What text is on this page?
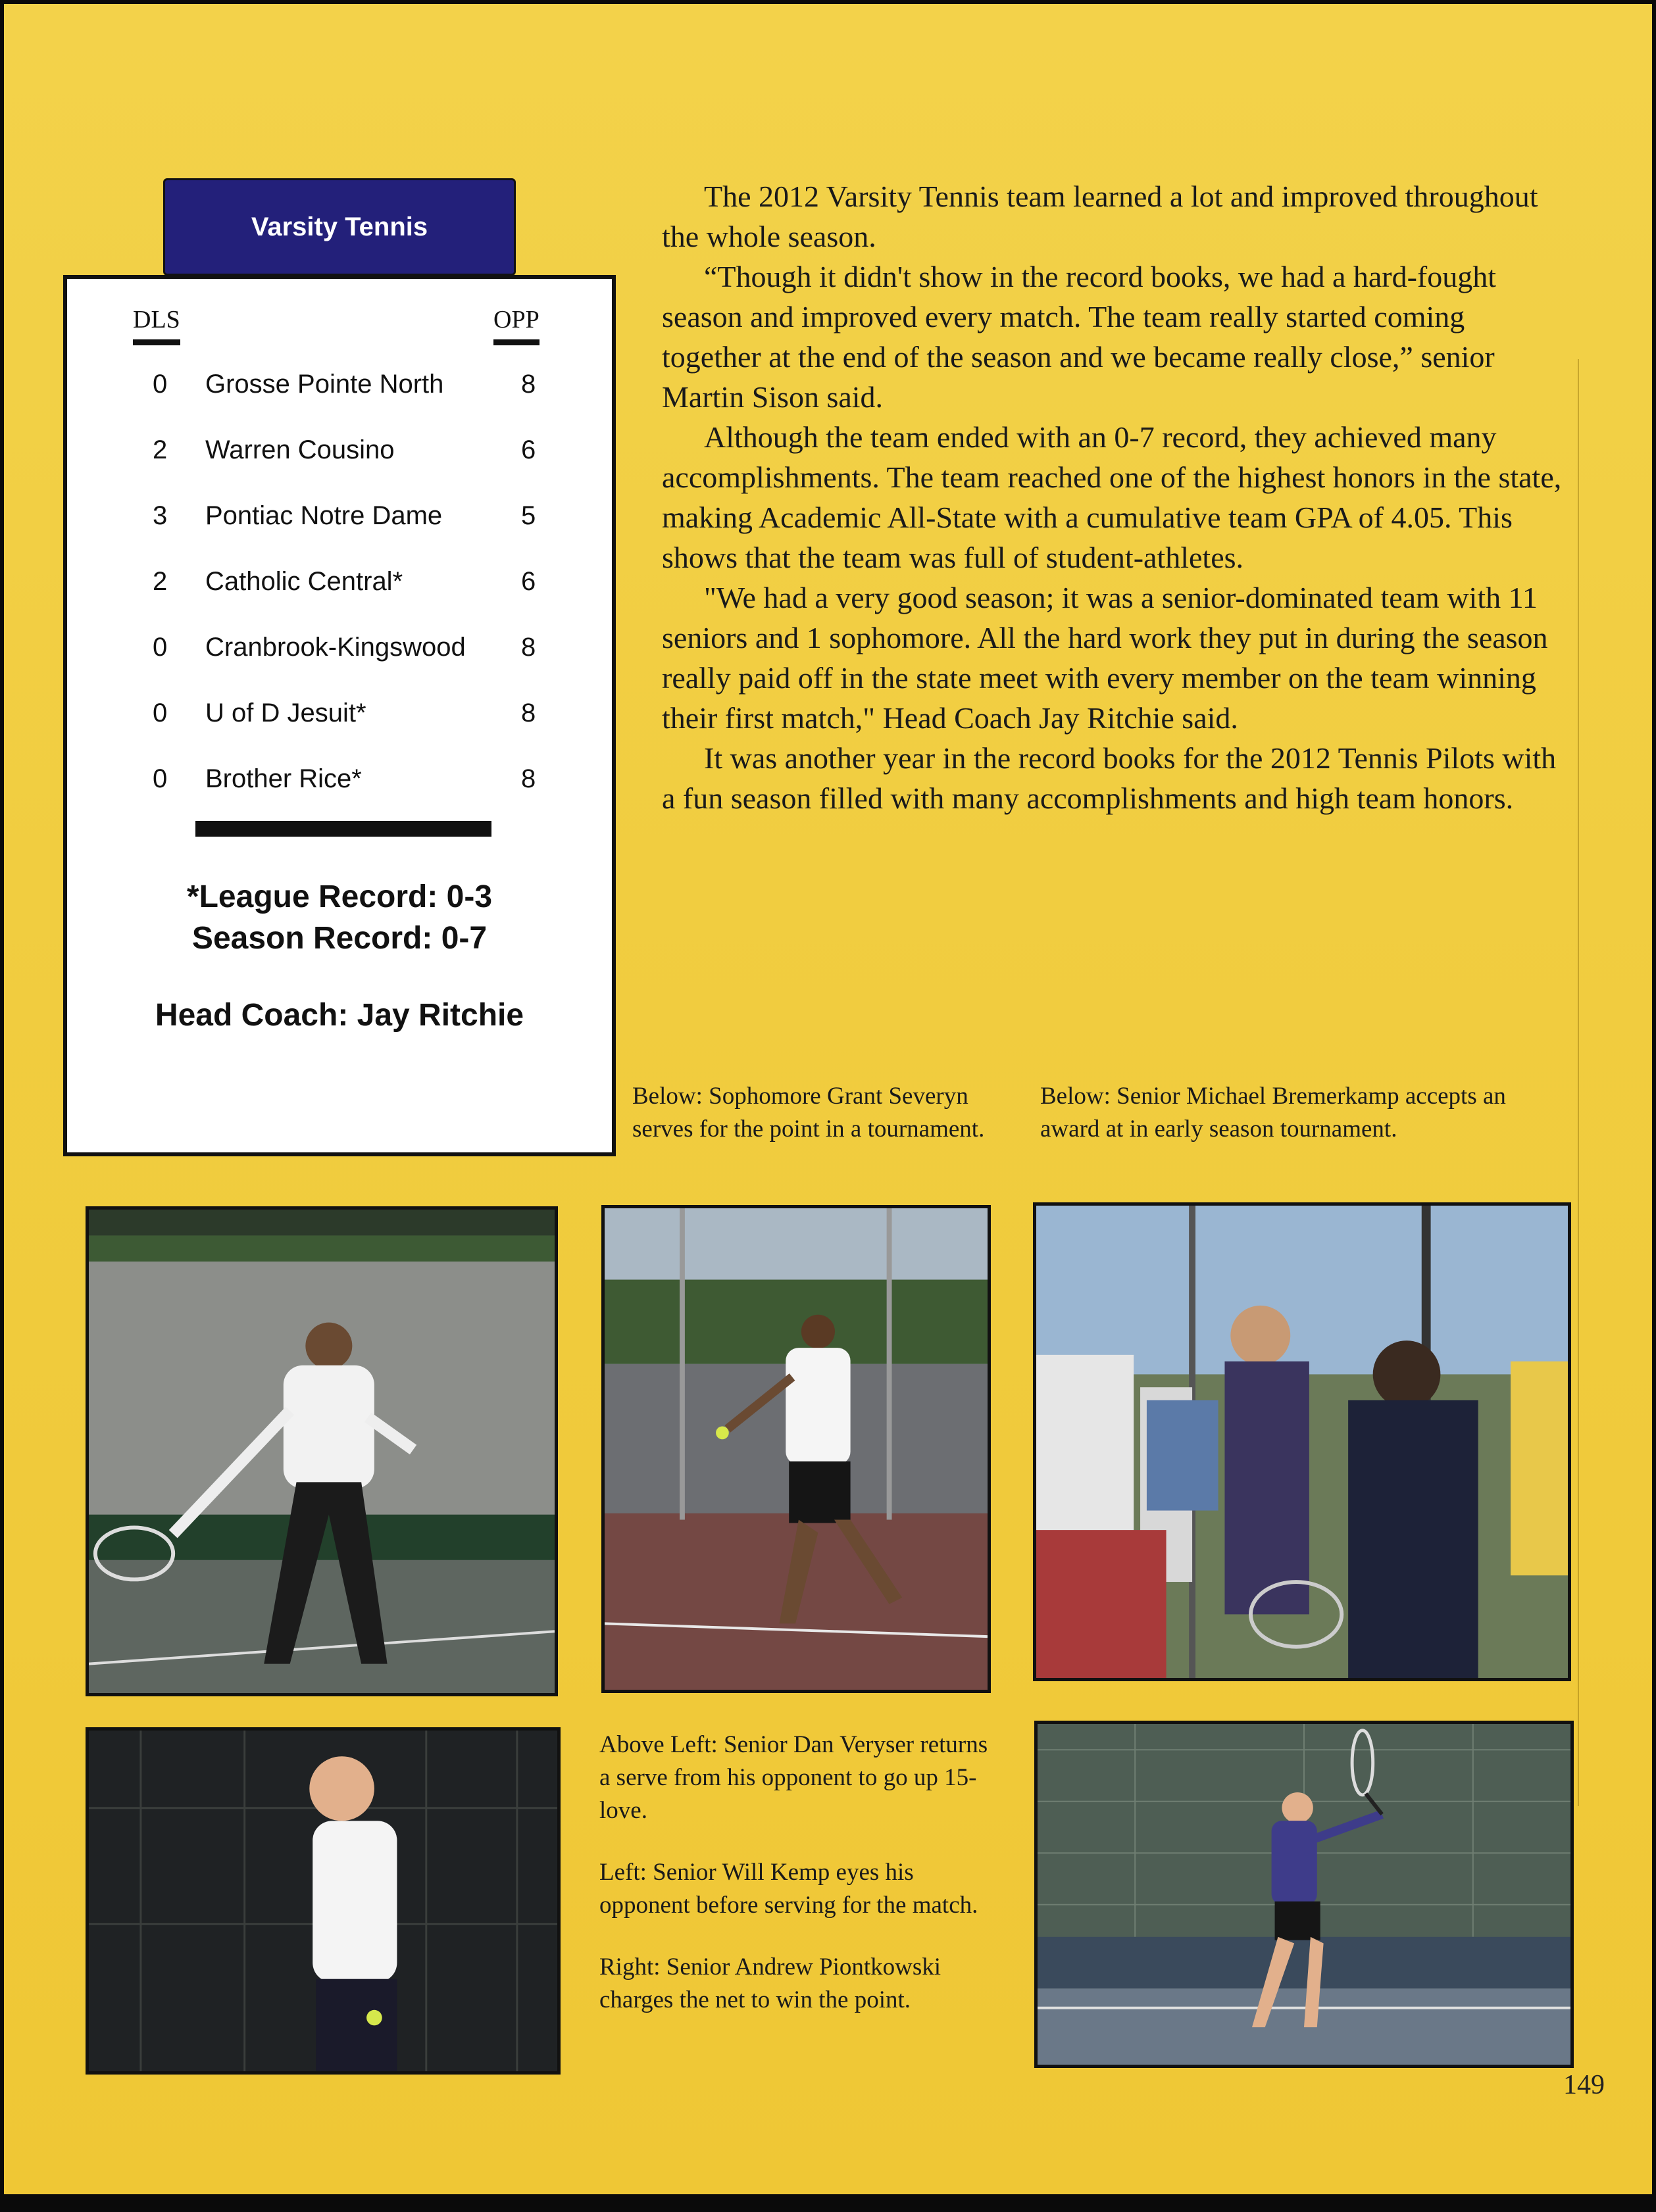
Varsity Tennis
DLS	OPP
0 Grosse Pointe North	8
2 Warren Cousino	6
3 Pontiac Notre Dame	5
2 Catholic Central*	6
0 Cranbrook-Kingswood 8
0 U of D Jesuit*	8
0 Brother Rice*	8
*League Record: 0-3
Season Record: 0-7
Head Coach: Jay Ritchie

The 2012 Varsity Tennis team learned a lot and improved throughout the whole season.

“Though it didn't show in the record books, we had a hard-fought season and improved every match. The team really started coming together at the end of the season and we became really close,” senior Martin Sison said.

Although the team ended with an 0-7 record, they achieved many accomplishments. The team reached one of the highest honors in the state, making Academic All-State with a cumulative team GPA of 4.05. This shows that the team was full of student-athletes.

"We had a very good season; it was a senior-dominated team with 11 seniors and 1 sophomore. All the hard work they put in during the season really paid off in the state meet with every member on the team winning their first match," Head Coach Jay Ritchie said.

It was another year in the record books for the 2012 Tennis Pilots with a fun season filled with many accomplishments and high team honors.

Below: Sophomore Grant Severyn serves for the point in a tournament.
Below: Senior Michael Bremerkamp accepts an award at in early season tournament.

Above Left: Senior Dan Veryser returns a serve from his opponent to go up 15-love.

Left: Senior Will Kemp eyes his opponent before serving for the match.

Right: Senior Andrew Piontkowski charges the net to win the point.

149
